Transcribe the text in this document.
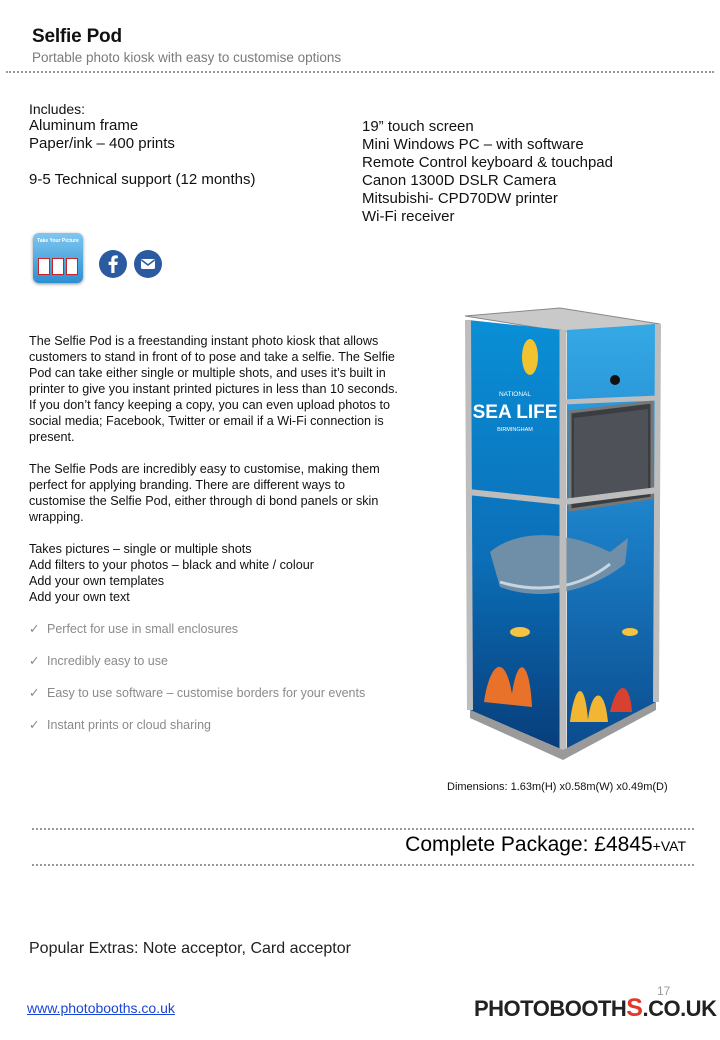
Selfie Pod
Portable photo kiosk with easy to customise options
Includes:
Aluminum frame
Paper/ink – 400 prints
9-5 Technical support (12 months)
19” touch screen
Mini Windows PC – with software
Remote Control keyboard & touchpad
Canon 1300D DSLR Camera
Mitsubishi- CPD70DW printer
Wi-Fi receiver
Take Your Picture
The Selfie Pod is a freestanding instant photo kiosk that allows customers to stand in front of to pose and take a selfie. The Selfie Pod can take either single or multiple shots, and uses it’s built in printer to give you instant printed pictures in less than 10 seconds. If you don’t fancy keeping a copy, you can even upload photos to social media; Facebook, Twitter or email if a Wi-Fi connection is present.
The Selfie Pods are incredibly easy to customise, making them perfect for applying branding. There are different ways to customise the Selfie Pod, either through di bond panels or skin wrapping.
Takes pictures – single or multiple shots
Add filters to your photos – black and white / colour
Add your own templates
Add your own text
✓ Perfect for use in small enclosures
✓ Incredibly easy to use
✓ Easy to use software – customise borders for your events
✓ Instant prints or cloud sharing
NATIONAL
SEA LIFE
BIRMINGHAM
Dimensions: 1.63m(H) x0.58m(W) x0.49m(D)
Complete Package: £4845+VAT
Popular Extras: Note acceptor, Card acceptor
17
www.photobooths.co.uk	PHOTOBOOTHS.CO.UK
